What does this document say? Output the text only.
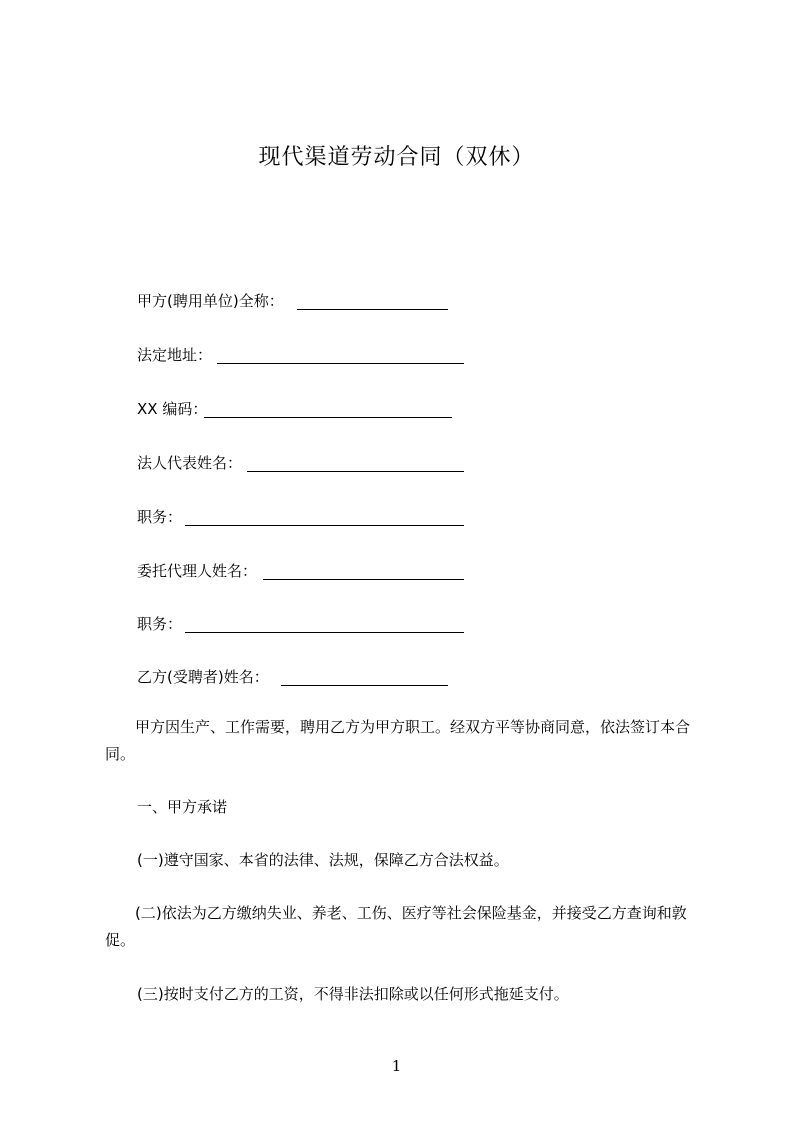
现代渠道劳动合同（双休）
甲方(聘用单位)全称：
法定地址：
XX 编码：
法人代表姓名：
职务：
委托代理人姓名：
职务：
乙方(受聘者)姓名：
甲方因生产、工作需要，聘用乙方为甲方职工。经双方平等协商同意，依法签订本合同。
一、甲方承诺
(一)遵守国家、本省的法律、法规，保障乙方合法权益。
(二)依法为乙方缴纳失业、养老、工伤、医疗等社会保险基金，并接受乙方查询和敦促。
(三)按时支付乙方的工资，不得非法扣除或以任何形式拖延支付。
1
